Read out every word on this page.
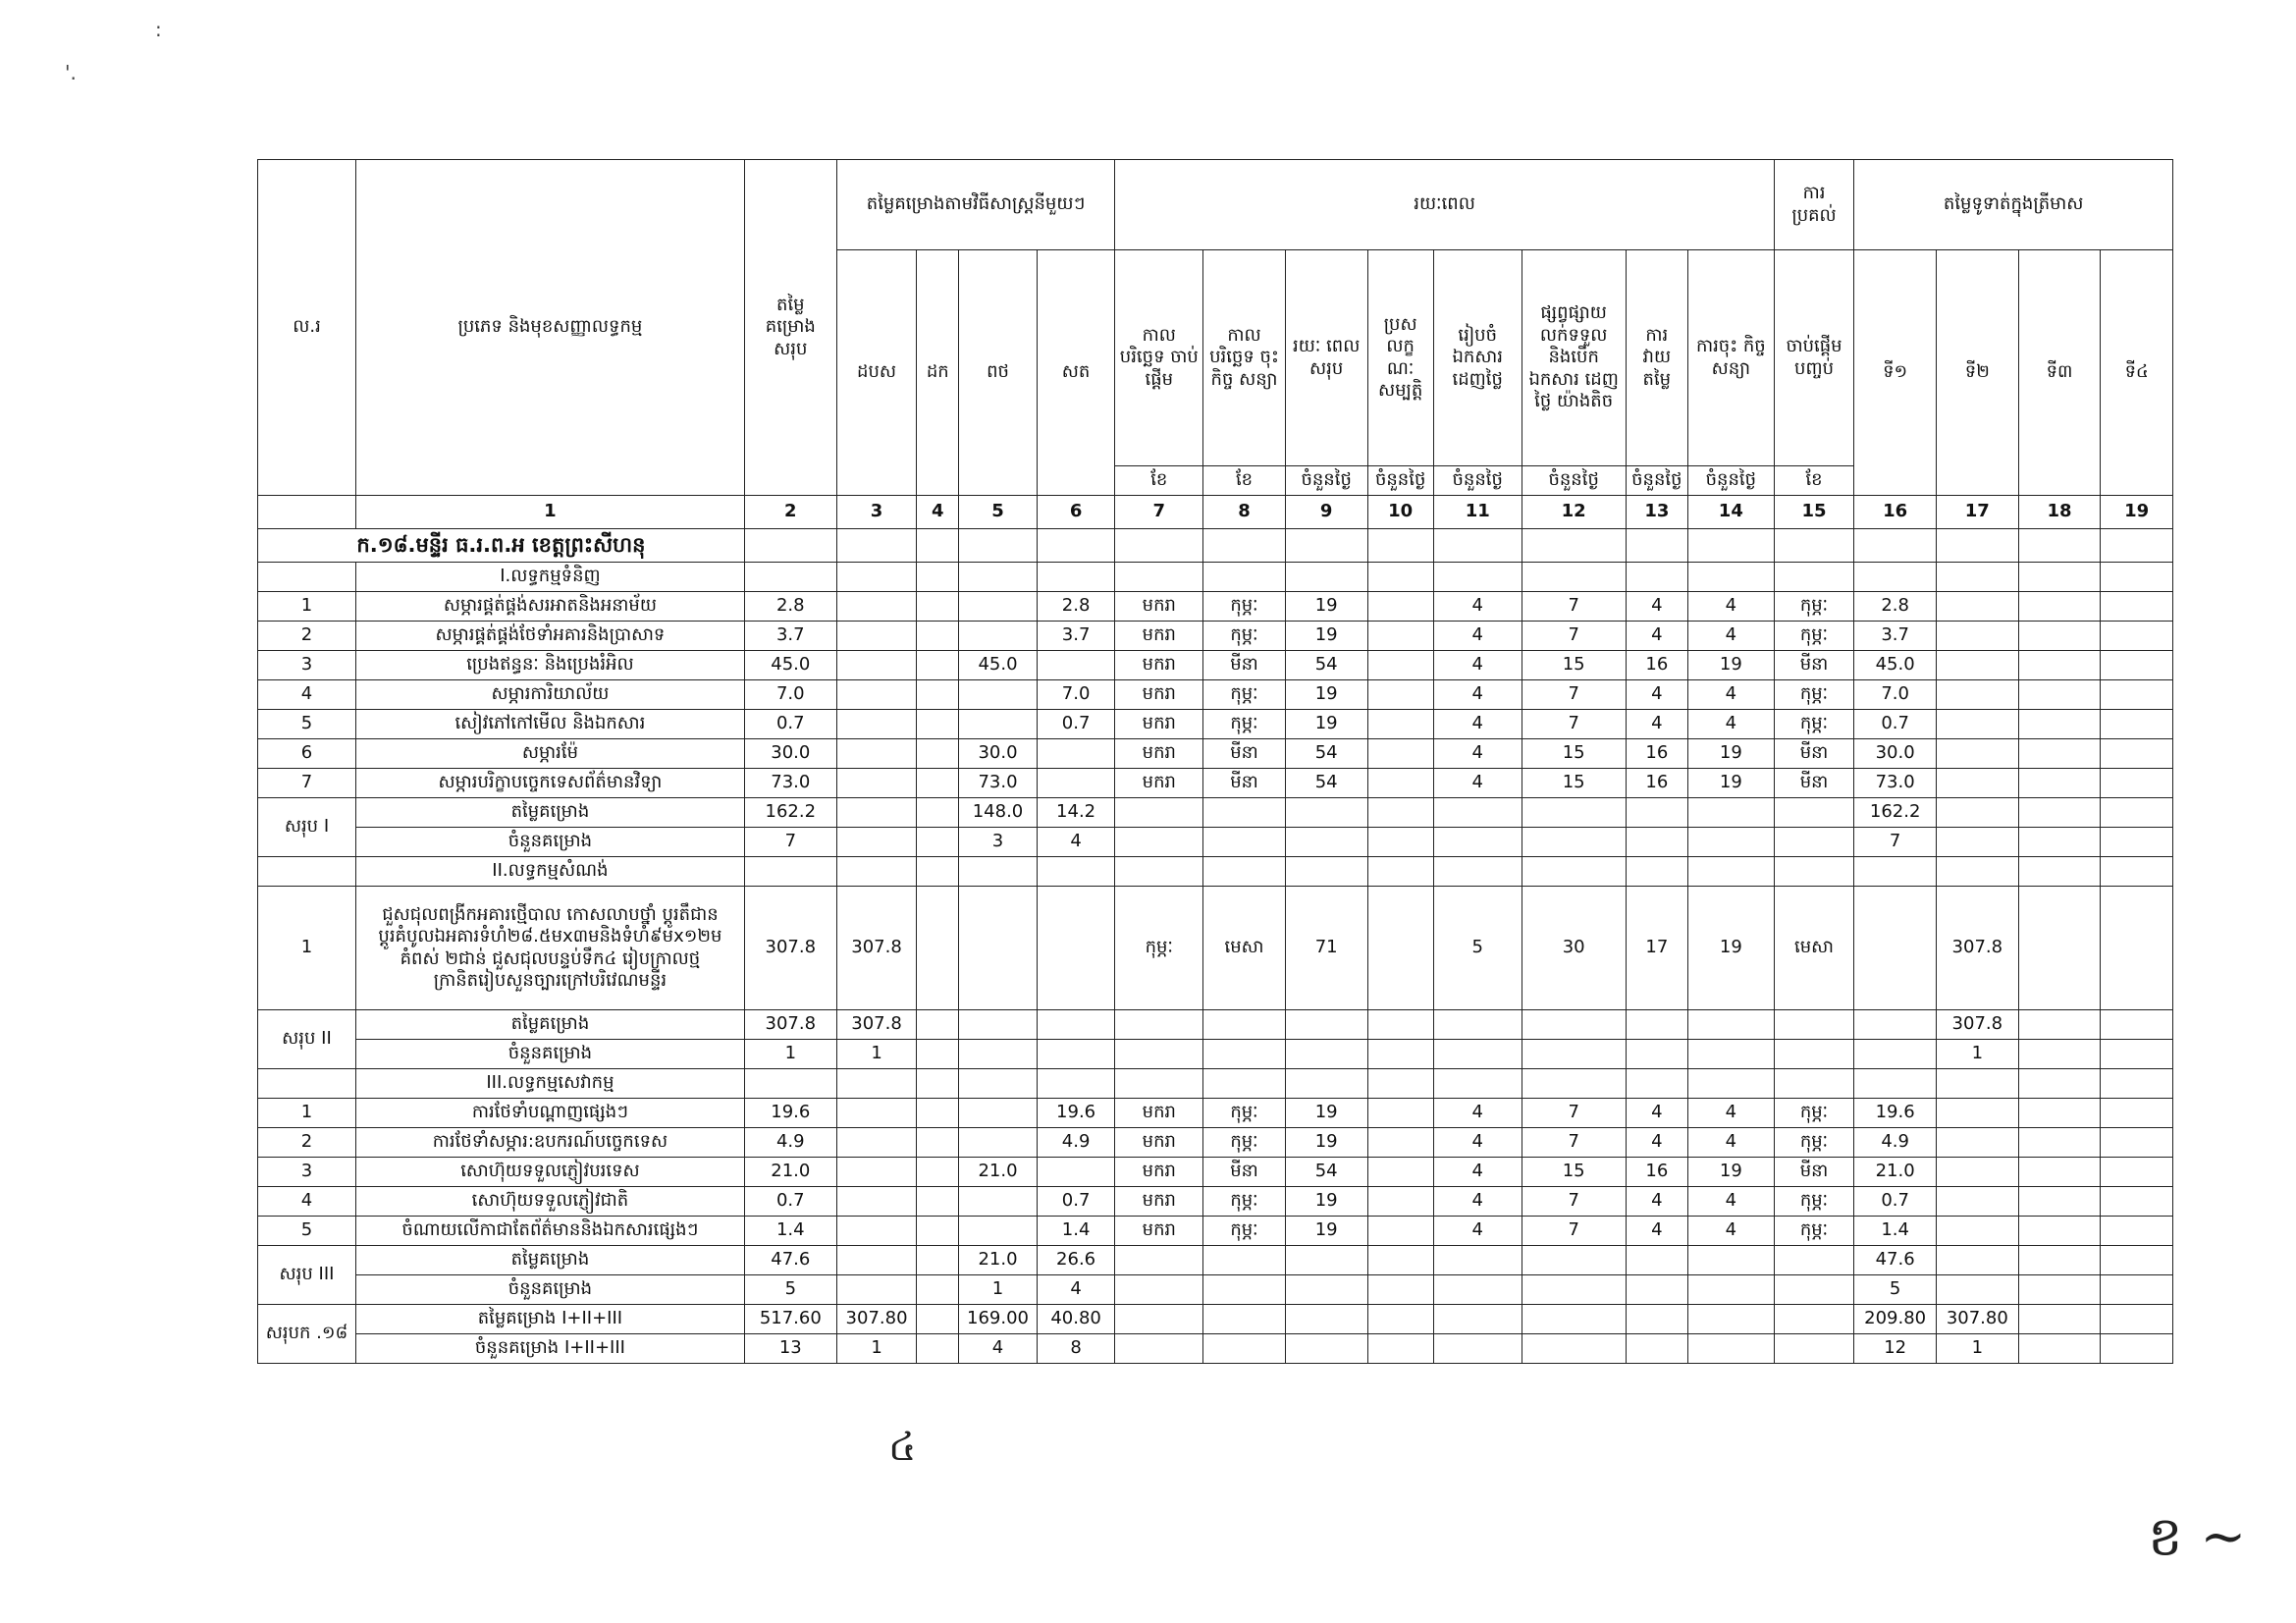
:
'.
ល.រ	ប្រភេទ និងមុខសញ្ញាលទ្ធកម្ម	តម្លៃ គម្រោង សរុប	តម្លៃគម្រោងតាមវិធីសាស្ត្រនីមួយៗ				រយៈពេល								ការ ប្រគល់	តម្លៃទូទាត់ក្នុងត្រីមាស			
			ដបស	ដក	ពថ	សត	កាល បរិច្ឆេទ ចាប់ផ្តើម	កាល បរិច្ឆេទ ចុះកិច្ច សន្យា	រយៈ ពេល សរុប	ប្រស លក្ខ ណៈ សម្បត្តិ	រៀបចំ ឯកសារ ដេញថ្លៃ	ផ្សព្វផ្សាយ លក់ទទួល និងបើក ឯកសារ ដេញថ្លៃ យ៉ាងតិច	ការ វាយ តម្លៃ	ការចុះ កិច្ចសន្យា	ចាប់ផ្តើម បញ្ចប់	ទី១	ទី២	ទី៣	ទី៤
							ខែ	ខែ	ចំនួនថ្ងៃ	ចំនួនថ្ងៃ	ចំនួនថ្ងៃ	ចំនួនថ្ងៃ	ចំនួនថ្ងៃ	ចំនួនថ្ងៃ	ខែ				
	1	2	3	4	5	6	7	8	9	10	11	12	13	14	15	16	17	18	19
ក.១៨.មន្ទីរ ធ.រ.ព.អ ខេត្តព្រះសីហនុ																			
	I.លទ្ធកម្មទំនិញ																		
1	សម្ភារផ្គត់ផ្គង់សរអាតនិងអនាម័យ	2.8				2.8	មករា	កុម្ភៈ	19		4	7	4	4	កុម្ភៈ	2.8			
2	សម្ភារផ្គត់ផ្គង់ថែទាំអគារនិងប្រាសាទ	3.7				3.7	មករា	កុម្ភៈ	19		4	7	4	4	កុម្ភៈ	3.7			
3	ប្រេងឥន្ធនៈ និងប្រេងរំអិល	45.0			45.0		មករា	មីនា	54		4	15	16	19	មីនា	45.0			
4	សម្ភារការិយាល័យ	7.0				7.0	មករា	កុម្ភៈ	19		4	7	4	4	កុម្ភៈ	7.0			
5	សៀវភៅកៅមើល និងឯកសារ	0.7				0.7	មករា	កុម្ភៈ	19		4	7	4	4	កុម្ភៈ	0.7			
6	សម្ភារម៉ែ	30.0			30.0		មករា	មីនា	54		4	15	16	19	មីនា	30.0			
7	សម្ភារបរិក្ខាបច្ចេកទេសព័ត៌មានវិទ្យា	73.0			73.0		មករា	មីនា	54		4	15	16	19	មីនា	73.0			
សរុប I	តម្លៃគម្រោង	162.2			148.0	14.2										162.2			
	ចំនួនគម្រោង	7			3	4										7			
	II.លទ្ធកម្មសំណង់																		
1	ជួសជុលពង្រីកអគារថ្មើបាល កោសលាបថ្នាំ ប្តូរតឹជាន ប្តូរគំបូលឯអគារទំហំ២៨.៥មx៣មនិងទំហំ៩មx១២ម គំពស់ ២ជាន់ ជួសជុលបន្ទប់ទឹក៤ រៀបក្រាលថ្មក្រានិតរៀបសួនច្បារក្រៅបរិវេណមន្ទីរ	307.8	307.8				កុម្ភៈ	មេសា	71		5	30	17	19	មេសា		307.8		
សរុប II	តម្លៃគម្រោង	307.8	307.8														307.8		
	ចំនួនគម្រោង	1	1														1		
	III.លទ្ធកម្មសេវាកម្ម																		
1	ការថែទាំបណ្តាញផ្សេងៗ	19.6				19.6	មករា	កុម្ភៈ	19		4	7	4	4	កុម្ភៈ	19.6			
2	ការថែទាំសម្ភារ:ឧបករណ៍បច្ចេកទេស	4.9				4.9	មករា	កុម្ភៈ	19		4	7	4	4	កុម្ភៈ	4.9			
3	សោហ៊ុយទទួលភ្ញៀវបរទេស	21.0			21.0		មករា	មីនា	54		4	15	16	19	មីនា	21.0			
4	សោហ៊ុយទទួលភ្ញៀវជាតិ	0.7				0.7	មករា	កុម្ភៈ	19		4	7	4	4	កុម្ភៈ	0.7			
5	ចំណាយលើកាជាតែព័ត៌មាននិងឯកសារផ្សេងៗ	1.4				1.4	មករា	កុម្ភៈ	19		4	7	4	4	កុម្ភៈ	1.4			
សរុប III	តម្លៃគម្រោង	47.6			21.0	26.6										47.6			
	ចំនួនគម្រោង	5			1	4										5			
សរុបក .១៨	តម្លៃគម្រោង I+II+III	517.60	307.80		169.00	40.80										209.80	307.80		
	ចំនួនគម្រោង I+II+III	13	1		4	8										12	1		
៤
ខ ~
